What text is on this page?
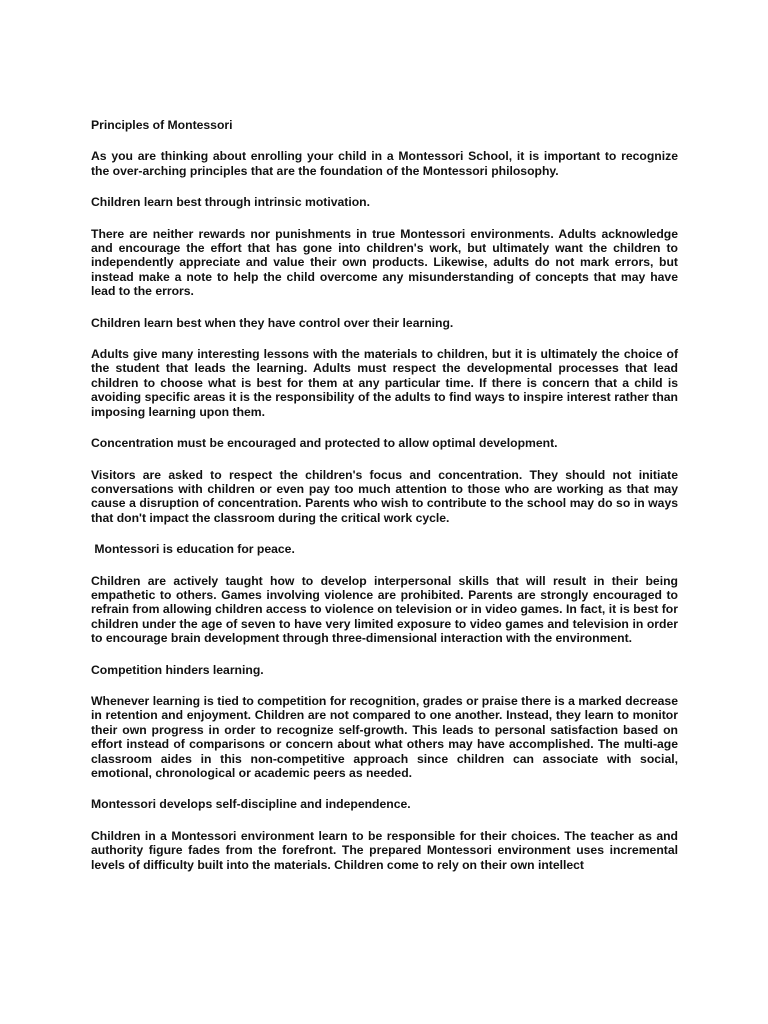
Principles of Montessori

As you are thinking about enrolling your child in a Montessori School, it is important to recognize the over-arching principles that are the foundation of the Montessori philosophy.

Children learn best through intrinsic motivation.

There are neither rewards nor punishments in true Montessori environments. Adults acknowledge and encourage the effort that has gone into children's work, but ultimately want the children to independently appreciate and value their own products. Likewise, adults do not mark errors, but instead make a note to help the child overcome any misunderstanding of concepts that may have lead to the errors.

Children learn best when they have control over their learning.

Adults give many interesting lessons with the materials to children, but it is ultimately the choice of the student that leads the learning. Adults must respect the developmental processes that lead children to choose what is best for them at any particular time. If there is concern that a child is avoiding specific areas it is the responsibility of the adults to find ways to inspire interest rather than imposing learning upon them.

Concentration must be encouraged and protected to allow optimal development.

Visitors are asked to respect the children's focus and concentration. They should not initiate conversations with children or even pay too much attention to those who are working as that may cause a disruption of concentration. Parents who wish to contribute to the school may do so in ways that don't impact the classroom during the critical work cycle.

Montessori is education for peace.

Children are actively taught how to develop interpersonal skills that will result in their being empathetic to others. Games involving violence are prohibited. Parents are strongly encouraged to refrain from allowing children access to violence on television or in video games. In fact, it is best for children under the age of seven to have very limited exposure to video games and television in order to encourage brain development through three-dimensional interaction with the environment.

Competition hinders learning.

Whenever learning is tied to competition for recognition, grades or praise there is a marked decrease in retention and enjoyment. Children are not compared to one another. Instead, they learn to monitor their own progress in order to recognize self-growth. This leads to personal satisfaction based on effort instead of comparisons or concern about what others may have accomplished. The multi-age classroom aides in this non-competitive approach since children can associate with social, emotional, chronological or academic peers as needed.

Montessori develops self-discipline and independence.

Children in a Montessori environment learn to be responsible for their choices. The teacher as and authority figure fades from the forefront. The prepared Montessori environment uses incremental levels of difficulty built into the materials. Children come to rely on their own intellect
